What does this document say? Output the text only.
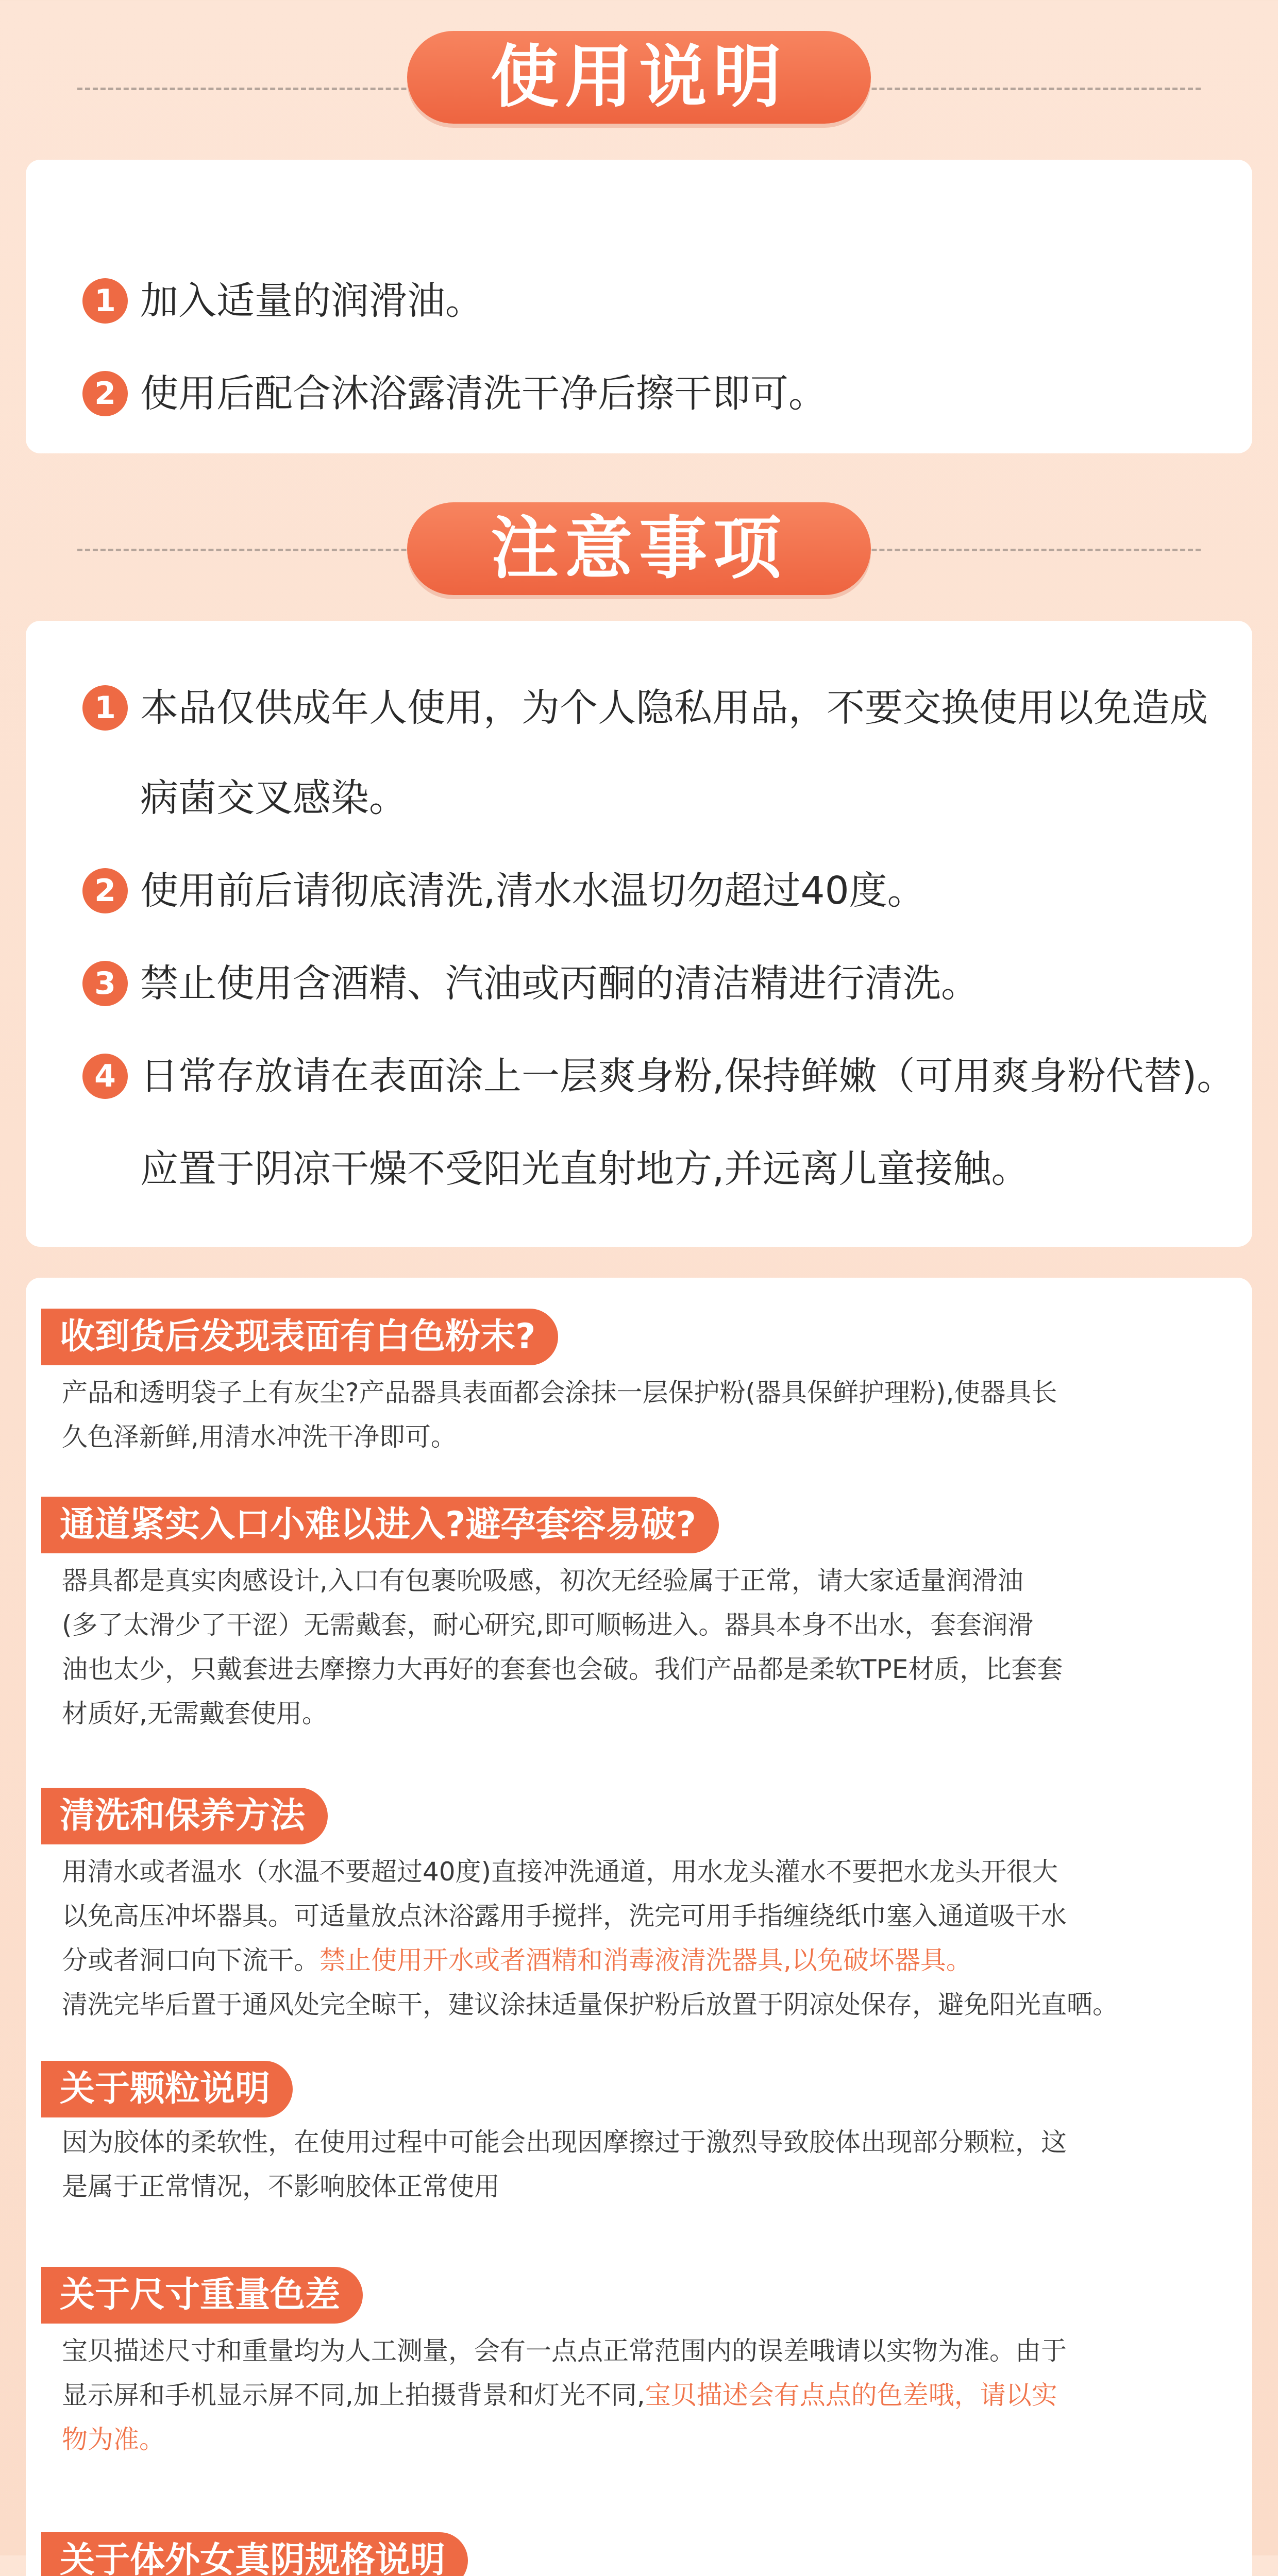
使用说明
1 加入适量的润滑油。
2 使用后配合沐浴露清洗干净后擦干即可。
注意事项
1 本品仅供成年人使用，为个人隐私用品，不要交换使用以免造成
病菌交叉感染。
2 使用前后请彻底清洗,清水水温切勿超过40度。
3 禁止使用含酒精、汽油或丙酮的清洁精进行清洗。
4 日常存放请在表面涂上一层爽身粉,保持鲜嫩（可用爽身粉代替)。
应置于阴凉干燥不受阳光直射地方,并远离儿童接触。
收到货后发现表面有白色粉末?
产品和透明袋子上有灰尘?产品器具表面都会涂抹一层保护粉(器具保鲜护理粉),使器具长
久色泽新鲜,用清水冲洗干净即可。
通道紧实入口小难以进入?避孕套容易破?
器具都是真实肉感设计,入口有包裹吮吸感，初次无经验属于正常，请大家适量润滑油
(多了太滑少了干涩）无需戴套，耐心研究,即可顺畅进入。器具本身不出水，套套润滑
油也太少，只戴套进去摩擦力大再好的套套也会破。我们产品都是柔软TPE材质，比套套
材质好,无需戴套使用。
清洗和保养方法
用清水或者温水（水温不要超过40度)直接冲洗通道，用水龙头灌水不要把水龙头开很大
以免高压冲坏器具。可适量放点沐浴露用手搅拌，洗完可用手指缠绕纸巾塞入通道吸干水
分或者洞口向下流干。禁止使用开水或者酒精和消毒液清洗器具,以免破坏器具。
清洗完毕后置于通风处完全晾干，建议涂抹适量保护粉后放置于阴凉处保存，避免阳光直晒。
关于颗粒说明
因为胶体的柔软性，在使用过程中可能会出现因摩擦过于激烈导致胶体出现部分颗粒，这
是属于正常情况，不影响胶体正常使用
关于尺寸重量色差
宝贝描述尺寸和重量均为人工测量，会有一点点正常范围内的误差哦请以实物为准。由于
显示屏和手机显示屏不同,加上拍摄背景和灯光不同,宝贝描述会有点点的色差哦，请以实
物为准。
关于体外女真阴规格说明
